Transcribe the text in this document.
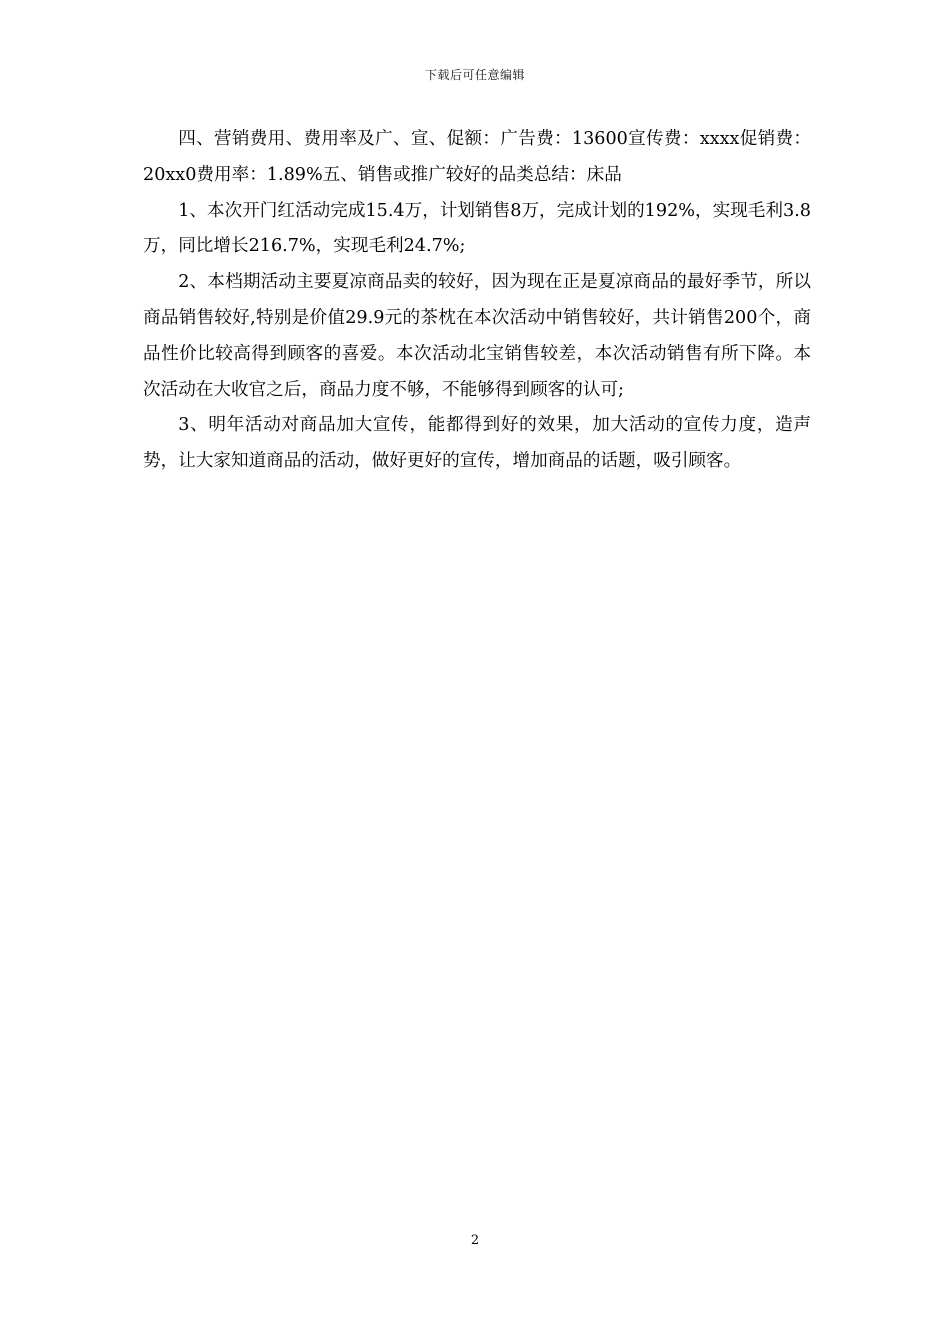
下载后可任意编辑

四、营销费用、费用率及广、宣、促额：广告费：13600宣传费：xxxx促销费：20xx0费用率：1.89%五、销售或推广较好的品类总结：床品

1、本次开门红活动完成15.4万，计划销售8万，完成计划的192%，实现毛利3.8万，同比增长216.7%，实现毛利24.7%;

2、本档期活动主要夏凉商品卖的较好，因为现在正是夏凉商品的最好季节，所以商品销售较好,特别是价值29.9元的茶枕在本次活动中销售较好，共计销售200个，商品性价比较高得到顾客的喜爱。本次活动北宝销售较差，本次活动销售有所下降。本次活动在大收官之后，商品力度不够，不能够得到顾客的认可;

3、明年活动对商品加大宣传，能都得到好的效果，加大活动的宣传力度，造声势，让大家知道商品的活动，做好更好的宣传，增加商品的话题，吸引顾客。

2
